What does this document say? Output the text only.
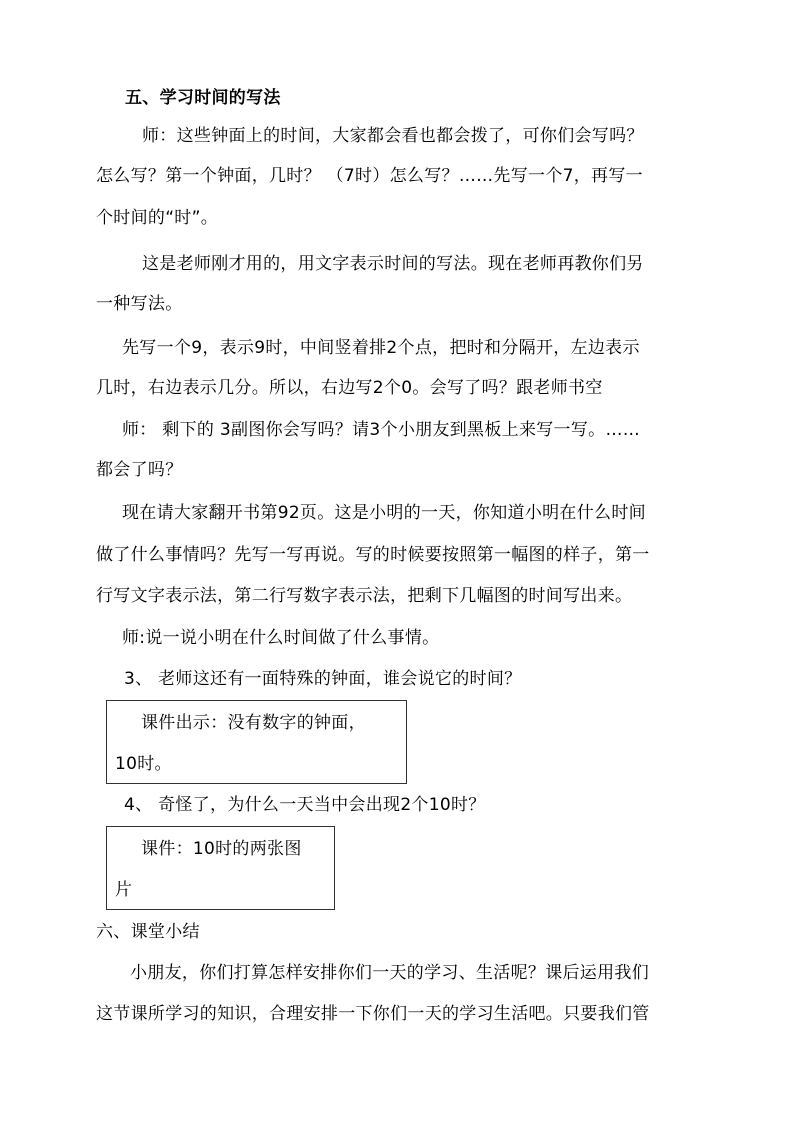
五、学习时间的写法
师：这些钟面上的时间，大家都会看也都会拨了，可你们会写吗？
怎么写？第一个钟面，几时？ （7时）怎么写？……先写一个7，再写一
个时间的“时”。
这是老师刚才用的，用文字表示时间的写法。现在老师再教你们另
一种写法。
先写一个9，表示9时，中间竖着排2个点，把时和分隔开，左边表示
几时，右边表示几分。所以，右边写2个0。会写了吗？跟老师书空
师： 剩下的 3副图你会写吗？请3个小朋友到黑板上来写一写。……
都会了吗？
现在请大家翻开书第92页。这是小明的一天，你知道小明在什么时间
做了什么事情吗？先写一写再说。写的时候要按照第一幅图的样子，第一
行写文字表示法，第二行写数字表示法，把剩下几幅图的时间写出来。
师:说一说小明在什么时间做了什么事情。
3、 老师这还有一面特殊的钟面，谁会说它的时间？
课件出示：没有数字的钟面，
10时。
4、 奇怪了，为什么一天当中会出现2个10时？
课件：10时的两张图
片
六、课堂小结
小朋友，你们打算怎样安排你们一天的学习、生活呢？课后运用我们
这节课所学习的知识，合理安排一下你们一天的学习生活吧。只要我们管
